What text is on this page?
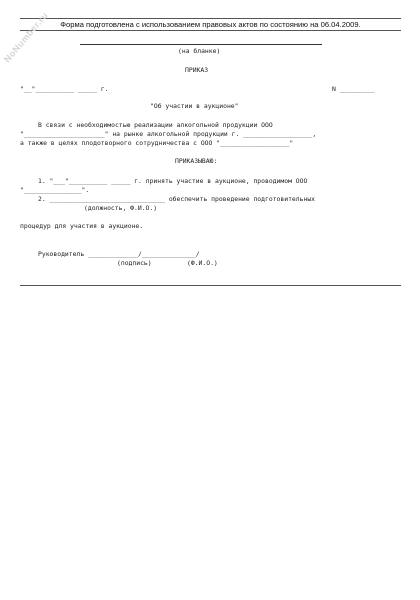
Форма подготовлена с использованием правовых актов по состоянию на 06.04.2009.
NoNumber.ru	(на бланке)
ПРИКАЗ
"__"__________ _____ г.	N _________
"Об участии в аукционе"
В связи с необходимостью реализации алкогольной продукции ООО
"_____________________" на рынке алкогольной продукции г. __________________,
а также в целях плодотворного сотрудничества с ООО "__________________"
ПРИКАЗЫВАЮ:
1. "___"__________ _____ г. принять участие в аукционе, проводимом ООО
"_______________".
2. ______________________________ обеспечить проведение подготовительных
(должность, Ф.И.О.)
процедур для участия в аукционе.
Руководитель _____________/______________/
(подпись)	(Ф.И.О.)
